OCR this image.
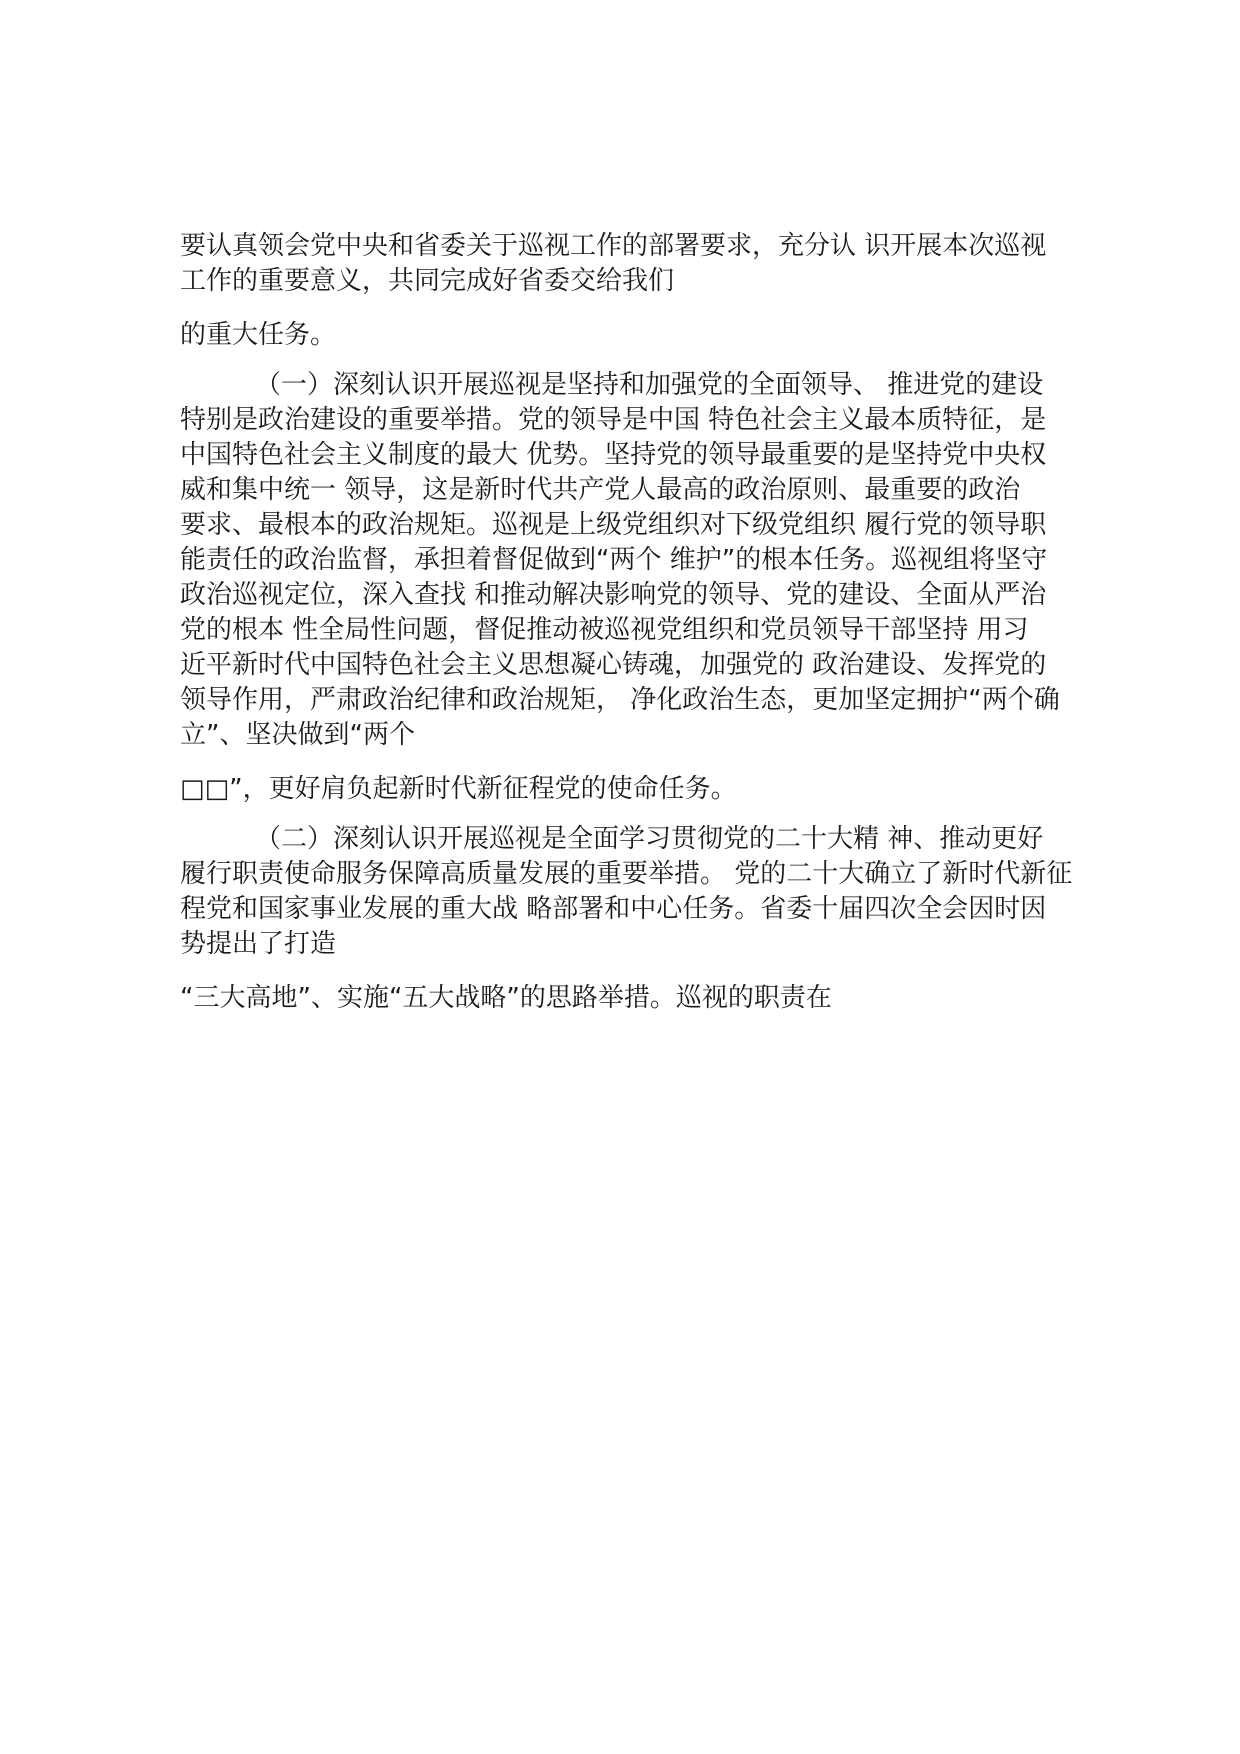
要认真领会党中央和省委关于巡视工作的部署要求，充分认 识开展本次巡视
工作的重要意义，共同完成好省委交给我们
的重大任务。
（一）深刻认识开展巡视是坚持和加强党的全面领导、 推进党的建设
特别是政治建设的重要举措。党的领导是中国 特色社会主义最本质特征，是
中国特色社会主义制度的最大 优势。坚持党的领导最重要的是坚持党中央权
威和集中统一 领导，这是新时代共产党人最高的政治原则、最重要的政治
要求、最根本的政治规矩。巡视是上级党组织对下级党组织 履行党的领导职
能责任的政治监督，承担着督促做到“两个 维护”的根本任务。巡视组将坚守
政治巡视定位，深入查找 和推动解决影响党的领导、党的建设、全面从严治
党的根本 性全局性问题，督促推动被巡视党组织和党员领导干部坚持 用习
近平新时代中国特色社会主义思想凝心铸魂，加强党的 政治建设、发挥党的
领导作用，严肃政治纪律和政治规矩， 净化政治生态，更加坚定拥护“两个确
立”、坚决做到“两个
□□”，更好肩负起新时代新征程党的使命任务。
（二）深刻认识开展巡视是全面学习贯彻党的二十大精 神、推动更好
履行职责使命服务保障高质量发展的重要举措。 党的二十大确立了新时代新征
程党和国家事业发展的重大战 略部署和中心任务。省委十届四次全会因时因
势提出了打造
“三大高地”、实施“五大战略”的思路举措。巡视的职责在
